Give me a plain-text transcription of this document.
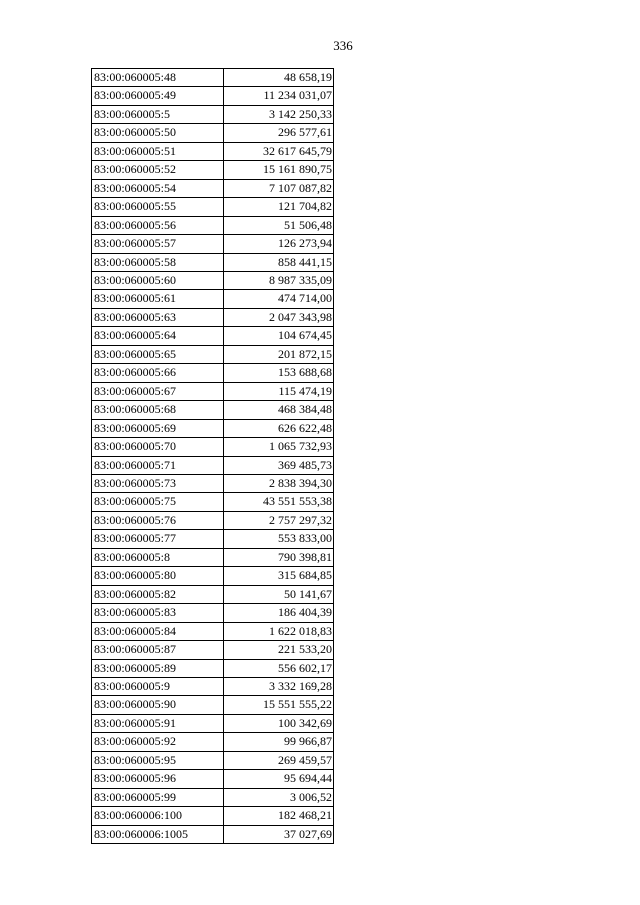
336
83:00:060005:48	48 658,19
83:00:060005:49	11 234 031,07
83:00:060005:5	3 142 250,33
83:00:060005:50	296 577,61
83:00:060005:51	32 617 645,79
83:00:060005:52	15 161 890,75
83:00:060005:54	7 107 087,82
83:00:060005:55	121 704,82
83:00:060005:56	51 506,48
83:00:060005:57	126 273,94
83:00:060005:58	858 441,15
83:00:060005:60	8 987 335,09
83:00:060005:61	474 714,00
83:00:060005:63	2 047 343,98
83:00:060005:64	104 674,45
83:00:060005:65	201 872,15
83:00:060005:66	153 688,68
83:00:060005:67	115 474,19
83:00:060005:68	468 384,48
83:00:060005:69	626 622,48
83:00:060005:70	1 065 732,93
83:00:060005:71	369 485,73
83:00:060005:73	2 838 394,30
83:00:060005:75	43 551 553,38
83:00:060005:76	2 757 297,32
83:00:060005:77	553 833,00
83:00:060005:8	790 398,81
83:00:060005:80	315 684,85
83:00:060005:82	50 141,67
83:00:060005:83	186 404,39
83:00:060005:84	1 622 018,83
83:00:060005:87	221 533,20
83:00:060005:89	556 602,17
83:00:060005:9	3 332 169,28
83:00:060005:90	15 551 555,22
83:00:060005:91	100 342,69
83:00:060005:92	99 966,87
83:00:060005:95	269 459,57
83:00:060005:96	95 694,44
83:00:060005:99	3 006,52
83:00:060006:100	182 468,21
83:00:060006:1005	37 027,69
